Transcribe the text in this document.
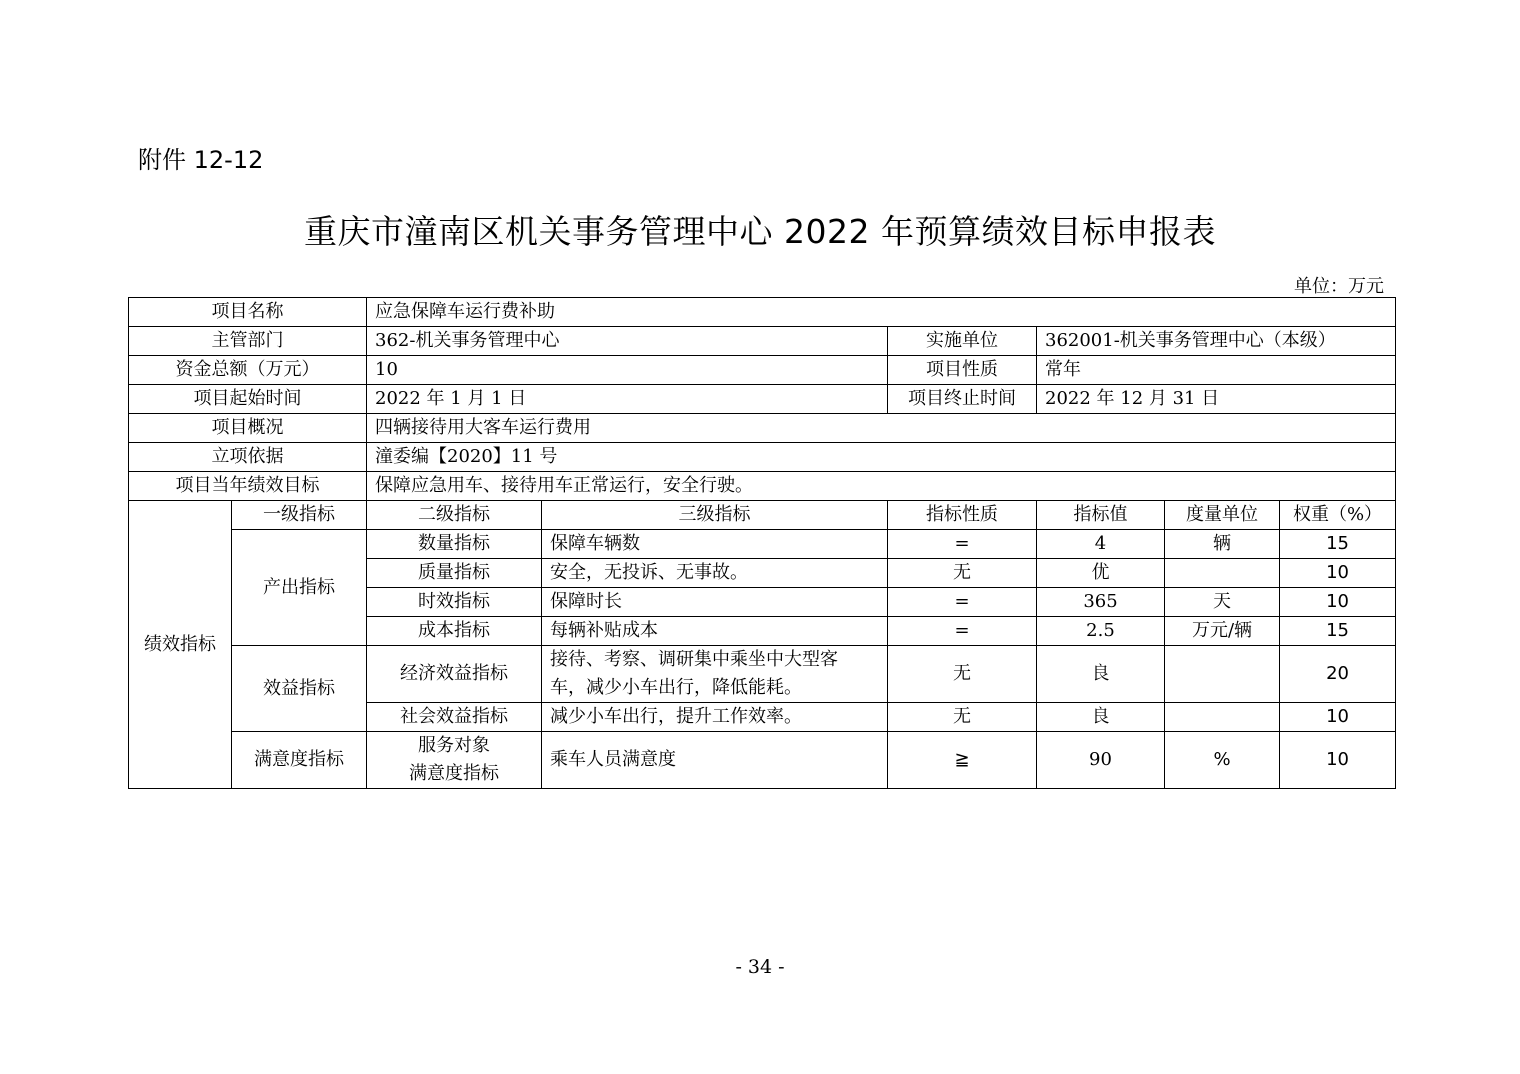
附件 12-12
重庆市潼南区机关事务管理中心 2022 年预算绩效目标申报表
单位：万元
项目名称		应急保障车运行费补助					
主管部门		362-机关事务管理中心		实施单位	362001-机关事务管理中心（本级）		
资金总额（万元）		10		项目性质	常年		
项目起始时间		2022 年 1 月 1 日		项目终止时间	2022 年 12 月 31 日		
项目概况		四辆接待用大客车运行费用					
立项依据		潼委编【2020】11 号					
项目当年绩效目标		保障应急用车、接待用车正常运行，安全行驶。					
绩效指标	一级指标	二级指标	三级指标	指标性质	指标值	度量单位	权重（%）
	产出指标	数量指标	保障车辆数	=	4	辆	15
		质量指标	安全，无投诉、无事故。	无	优		10
		时效指标	保障时长	=	365	天	10
		成本指标	每辆补贴成本	=	2.5	万元/辆	15
	效益指标	经济效益指标	接待、考察、调研集中乘坐中大型客
车，减少小车出行，降低能耗。	无	良		20
		社会效益指标	减少小车出行，提升工作效率。	无	良		10
	满意度指标	服务对象
满意度指标	乘车人员满意度	≧	90	%	10
- 34 -
